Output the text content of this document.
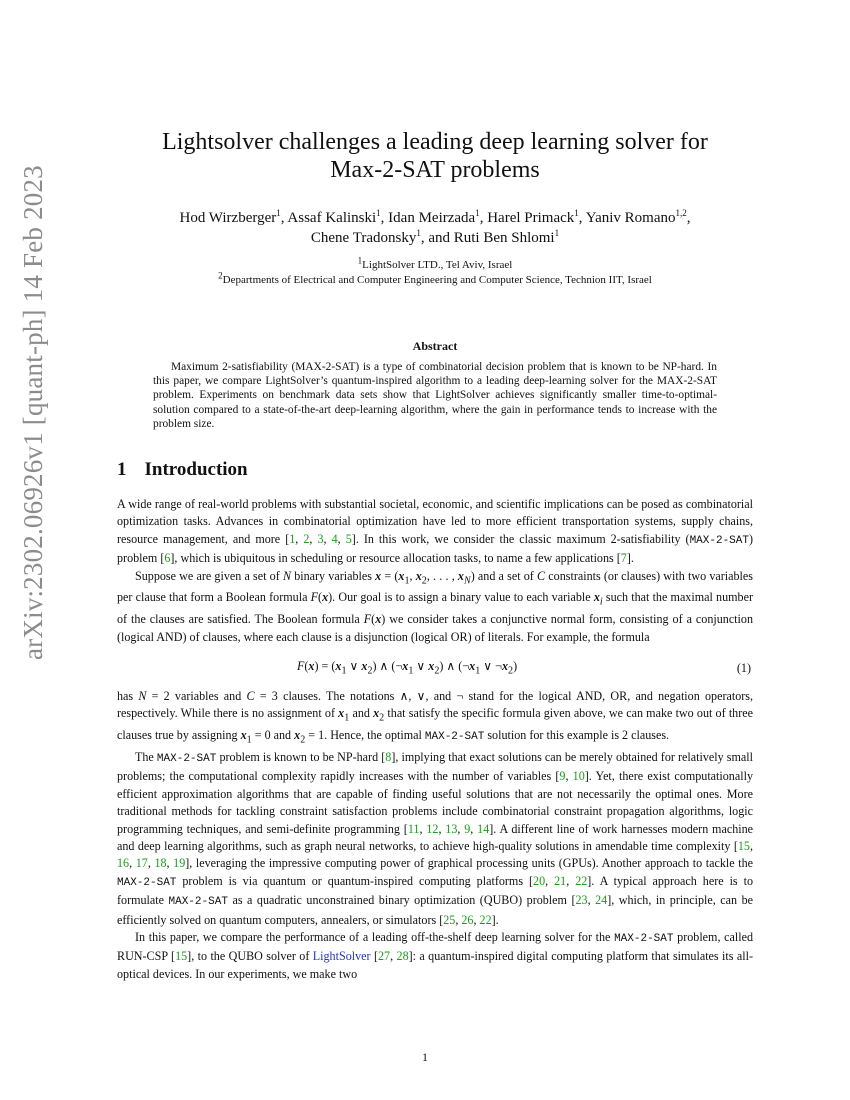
arXiv:2302.06926v1 [quant-ph] 14 Feb 2023
Lightsolver challenges a leading deep learning solver for
Max-2-SAT problems
Hod Wirzberger$^1$, Assaf Kalinski$^1$, Idan Meirzada$^1$, Harel Primack$^1$, Yaniv Romano$^{1,2}$,
Chene Tradonsky$^1$, and Ruti Ben Shlomi$^1$
$^1$LightSolver LTD., Tel Aviv, Israel
$^2$Departments of Electrical and Computer Engineering and Computer Science, Technion IIT, Israel
Abstract
Maximum 2-satisfiability (MAX-2-SAT) is a type of combinatorial decision problem that is known to be NP-hard. In this paper, we compare LightSolver’s quantum-inspired algorithm to a leading deep-learning solver for the MAX-2-SAT problem. Experiments on benchmark data sets show that LightSolver achieves significantly smaller time-to-optimal-solution compared to a state-of-the-art deep-learning algorithm, where the gain in performance tends to increase with the problem size.
1 Introduction

A wide range of real-world problems with substantial societal, economic, and scientific implications can be posed as combinatorial optimization tasks. Advances in combinatorial optimization have led to more efficient transportation systems, supply chains, resource management, and more [1, 2, 3, 4, 5]. In this work, we consider the classic maximum 2-satisfiability (MAX-2-SAT) problem [6], which is ubiquitous in scheduling or resource allocation tasks, to name a few applications [7].

Suppose we are given a set of N binary variables $x = (x_1$, $x_2$, . . . , $x_N$) and a set of C constraints (or clauses) with two variables per clause that form a Boolean formula F(x). Our goal is to assign a binary value to each variable $x_i$ such that the maximal number of the clauses are satisfied. The Boolean formula F(x) we consider takes a conjunctive normal form, consisting of a conjunction (logical AND) of clauses, where each clause is a disjunction (logical OR) of literals. For example, the formula

$F(x) = (x_1$ ∨ $x_2$) ∧ ($\neg x_1$ ∨ $x_2$) ∧ ($\neg x_1$ ∨ $\neg x_2$)	(1)

has N = 2 variables and C = 3 clauses. The notations ∧, ∨, and ¬ stand for the logical AND, OR, and negation operators, respectively. While there is no assignment of $x_1$ and $x_2$ that satisfy the specific formula given above, we can make two out of three clauses true by assigning $x_1 = 0$ and $x_2 = 1$. Hence, the optimal MAX-2-SAT solution for this example is 2 clauses.

The MAX-2-SAT problem is known to be NP-hard [8], implying that exact solutions can be merely obtained for relatively small problems; the computational complexity rapidly increases with the number of variables [9, 10]. Yet, there exist computationally efficient approximation algorithms that are capable of finding useful solutions that are not necessarily the optimal ones. More traditional methods for tackling constraint satisfaction problems include combinatorial constraint propagation algorithms, logic programming techniques, and semi-definite programming [11, 12, 13, 9, 14]. A different line of work harnesses modern machine and deep learning algorithms, such as graph neural networks, to achieve high-quality solutions in amendable time complexity [15, 16, 17, 18, 19], leveraging the impressive computing power of graphical processing units (GPUs). Another approach to tackle the MAX-2-SAT problem is via quantum or quantum-inspired computing platforms [20, 21, 22]. A typical approach here is to formulate MAX-2-SAT as a quadratic unconstrained binary optimization (QUBO) problem [23, 24], which, in principle, can be efficiently solved on quantum computers, annealers, or simulators [25, 26, 22].

In this paper, we compare the performance of a leading off-the-shelf deep learning solver for the MAX-2-SAT problem, called RUN-CSP [15], to the QUBO solver of LightSolver [27, 28]: a quantum-inspired digital computing platform that simulates its all-optical devices. In our experiments, we make two

1
